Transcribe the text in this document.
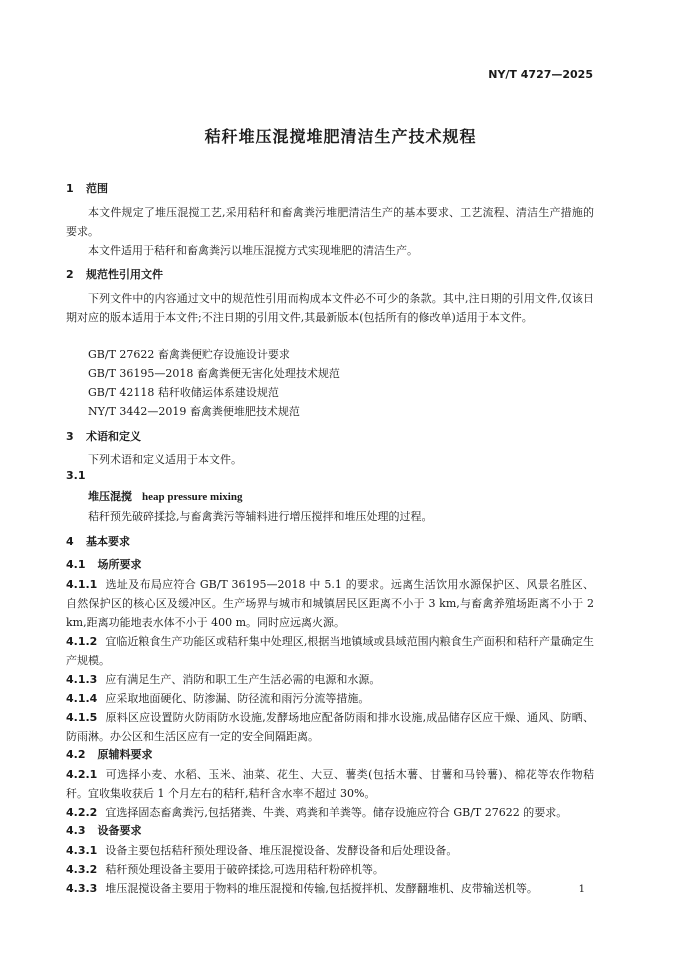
NY/T 4727—2025
秸秆堆压混搅堆肥清洁生产技术规程
1 范围
本文件规定了堆压混搅工艺,采用秸秆和畜禽粪污堆肥清洁生产的基本要求、工艺流程、清洁生产措施的要求。
本文件适用于秸秆和畜禽粪污以堆压混搅方式实现堆肥的清洁生产。
2 规范性引用文件
下列文件中的内容通过文中的规范性引用而构成本文件必不可少的条款。其中,注日期的引用文件,仅该日期对应的版本适用于本文件;不注日期的引用文件,其最新版本(包括所有的修改单)适用于本文件。
GB/T 27622 畜禽粪便贮存设施设计要求
GB/T 36195—2018 畜禽粪便无害化处理技术规范
GB/T 42118 秸秆收储运体系建设规范
NY/T 3442—2019 畜禽粪便堆肥技术规范
3 术语和定义
下列术语和定义适用于本文件。
3.1
堆压混搅 heap pressure mixing
秸秆预先破碎揉捻,与畜禽粪污等辅料进行增压搅拌和堆压处理的过程。
4 基本要求
4.1 场所要求
4.1.1 选址及布局应符合 GB/T 36195—2018 中 5.1 的要求。远离生活饮用水源保护区、风景名胜区、自然保护区的核心区及缓冲区。生产场界与城市和城镇居民区距离不小于 3 km,与畜禽养殖场距离不小于 2 km,距离功能地表水体不小于 400 m。同时应远离火源。
4.1.2 宜临近粮食生产功能区或秸秆集中处理区,根据当地镇域或县域范围内粮食生产面积和秸秆产量确定生产规模。
4.1.3 应有满足生产、消防和职工生产生活必需的电源和水源。
4.1.4 应采取地面硬化、防渗漏、防径流和雨污分流等措施。
4.1.5 原料区应设置防火防雨防水设施,发酵场地应配备防雨和排水设施,成品储存区应干燥、通风、防晒、防雨淋。办公区和生活区应有一定的安全间隔距离。
4.2 原辅料要求
4.2.1 可选择小麦、水稻、玉米、油菜、花生、大豆、薯类(包括木薯、甘薯和马铃薯)、棉花等农作物秸秆。宜收集收获后 1 个月左右的秸秆,秸秆含水率不超过 30%。
4.2.2 宜选择固态畜禽粪污,包括猪粪、牛粪、鸡粪和羊粪等。储存设施应符合 GB/T 27622 的要求。
4.3 设备要求
4.3.1 设备主要包括秸秆预处理设备、堆压混搅设备、发酵设备和后处理设备。
4.3.2 秸秆预处理设备主要用于破碎揉捻,可选用秸秆粉碎机等。
4.3.3 堆压混搅设备主要用于物料的堆压混搅和传输,包括搅拌机、发酵翻堆机、皮带输送机等。	1
